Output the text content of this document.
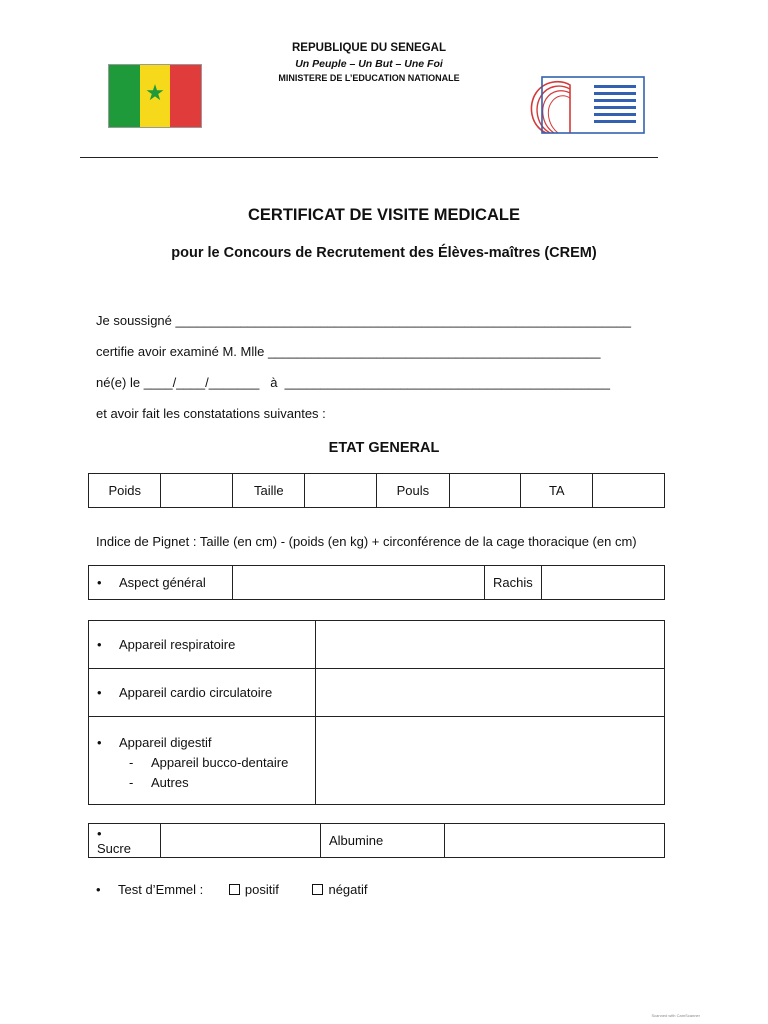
REPUBLIQUE DU SENEGAL
Un Peuple – Un But – Une Foi
MINISTERE DE L’EDUCATION NATIONALE
★
CERTIFICAT DE VISITE MEDICALE
pour le Concours de Recrutement des Élèves-maîtres (CREM)
Je soussigné _______________________________________________________________
certifie avoir examiné M. Mlle ______________________________________________
né(e) le ____/____/_______   à  _____________________________________________
et avoir fait les constatations suivantes :
ETAT GENERAL
Poids		Taille		Pouls		TA	
Indice de Pignet : Taille (en cm) - (poids (en kg) + circonférence de la cage thoracique (en cm)
• Aspect général		Rachis	
• Appareil respiratoire	
• Appareil cardio circulatoire	

• Appareil digestif
- Appareil bucco-dentaire
- Autres	

•Sucre		Albumine	
• Test d’Emmel :	positif	négatif
Scanned with CamScanner
